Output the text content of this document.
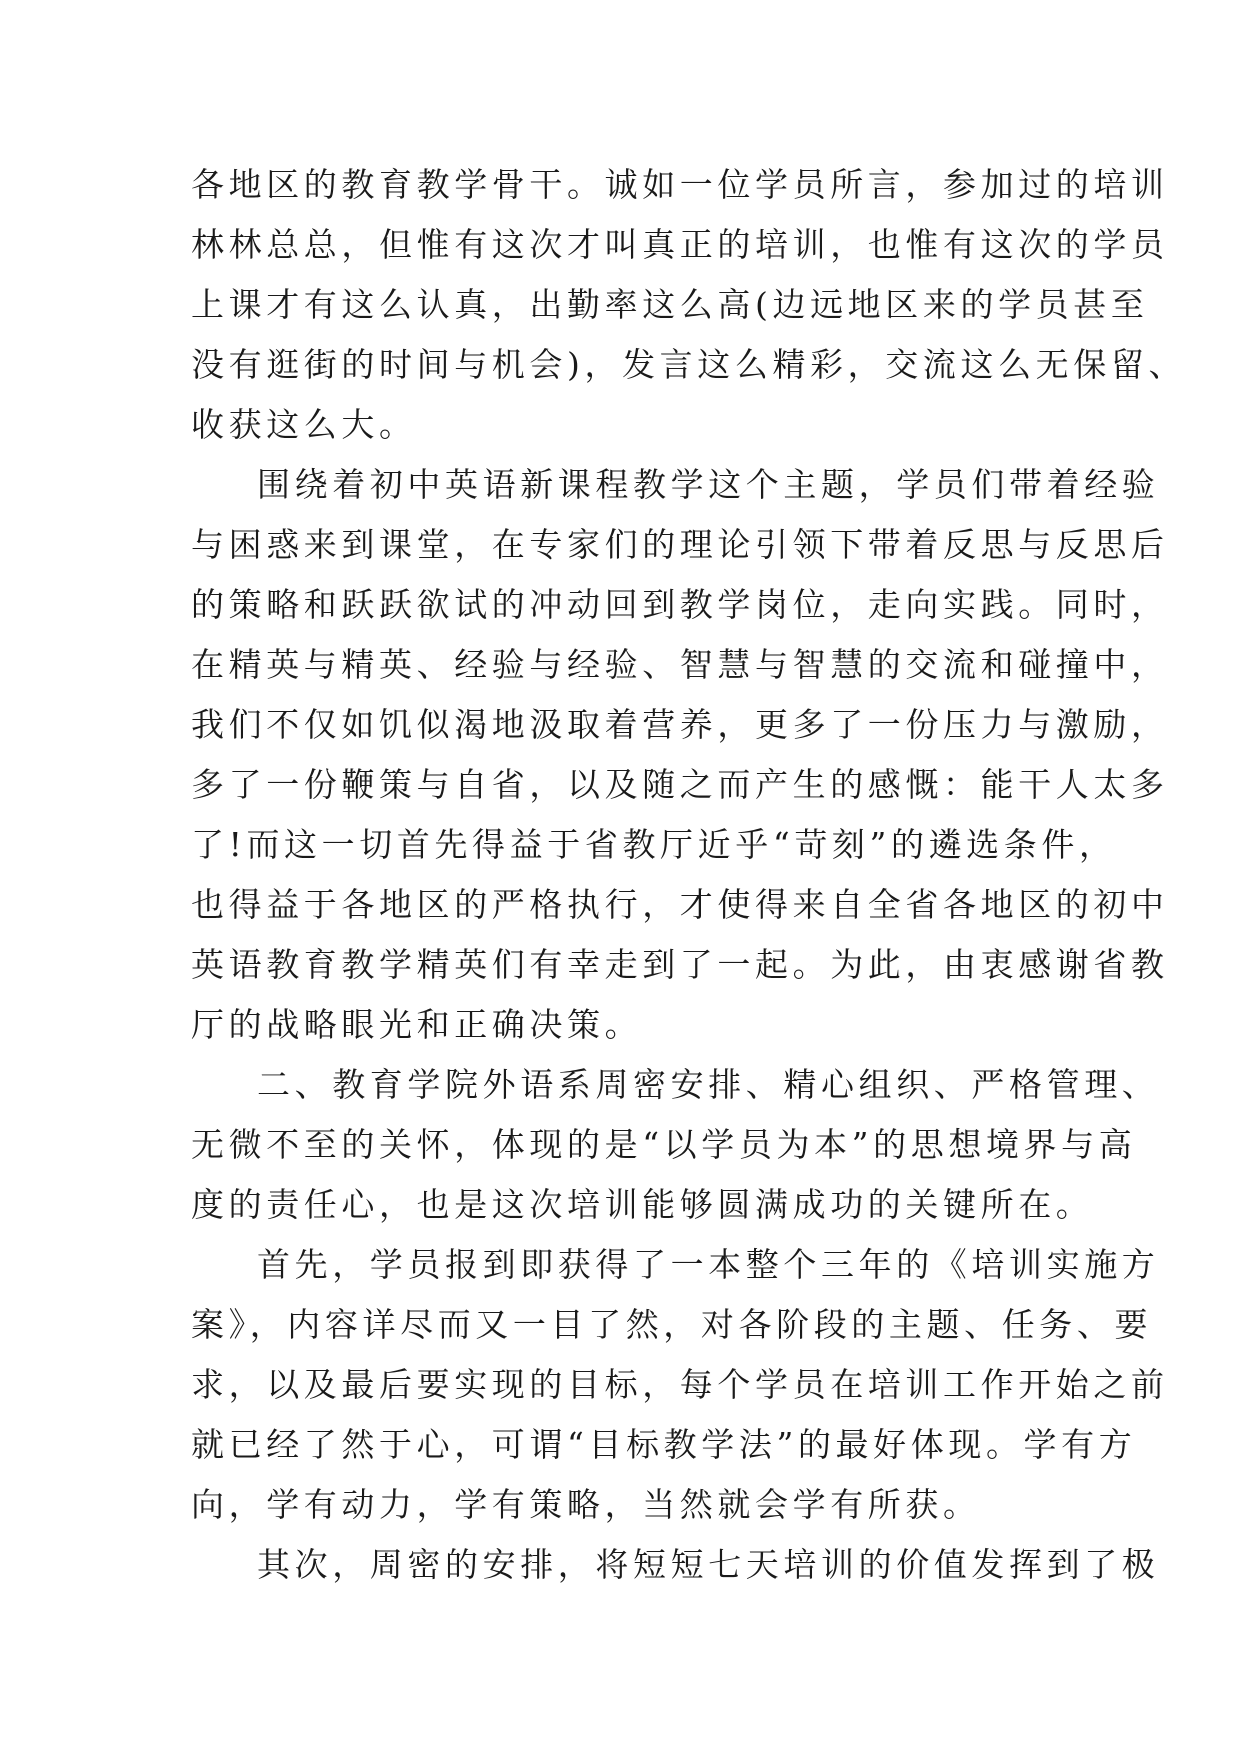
各地区的教育教学骨干。诚如一位学员所言，参加过的培训
林林总总，但惟有这次才叫真正的培训，也惟有这次的学员
上课才有这么认真，出勤率这么高(边远地区来的学员甚至
没有逛街的时间与机会)，发言这么精彩，交流这么无保留、
收获这么大。
围绕着初中英语新课程教学这个主题，学员们带着经验
与困惑来到课堂，在专家们的理论引领下带着反思与反思后
的策略和跃跃欲试的冲动回到教学岗位，走向实践。同时，
在精英与精英、经验与经验、智慧与智慧的交流和碰撞中，
我们不仅如饥似渴地汲取着营养，更多了一份压力与激励，
多了一份鞭策与自省，以及随之而产生的感慨：能干人太多
了!而这一切首先得益于省教厅近乎“苛刻”的遴选条件，
也得益于各地区的严格执行，才使得来自全省各地区的初中
英语教育教学精英们有幸走到了一起。为此，由衷感谢省教
厅的战略眼光和正确决策。
二、教育学院外语系周密安排、精心组织、严格管理、
无微不至的关怀，体现的是“以学员为本”的思想境界与高
度的责任心，也是这次培训能够圆满成功的关键所在。
首先，学员报到即获得了一本整个三年的《培训实施方
案》，内容详尽而又一目了然，对各阶段的主题、任务、要
求，以及最后要实现的目标，每个学员在培训工作开始之前
就已经了然于心，可谓“目标教学法”的最好体现。学有方
向，学有动力，学有策略，当然就会学有所获。
其次，周密的安排，将短短七天培训的价值发挥到了极
